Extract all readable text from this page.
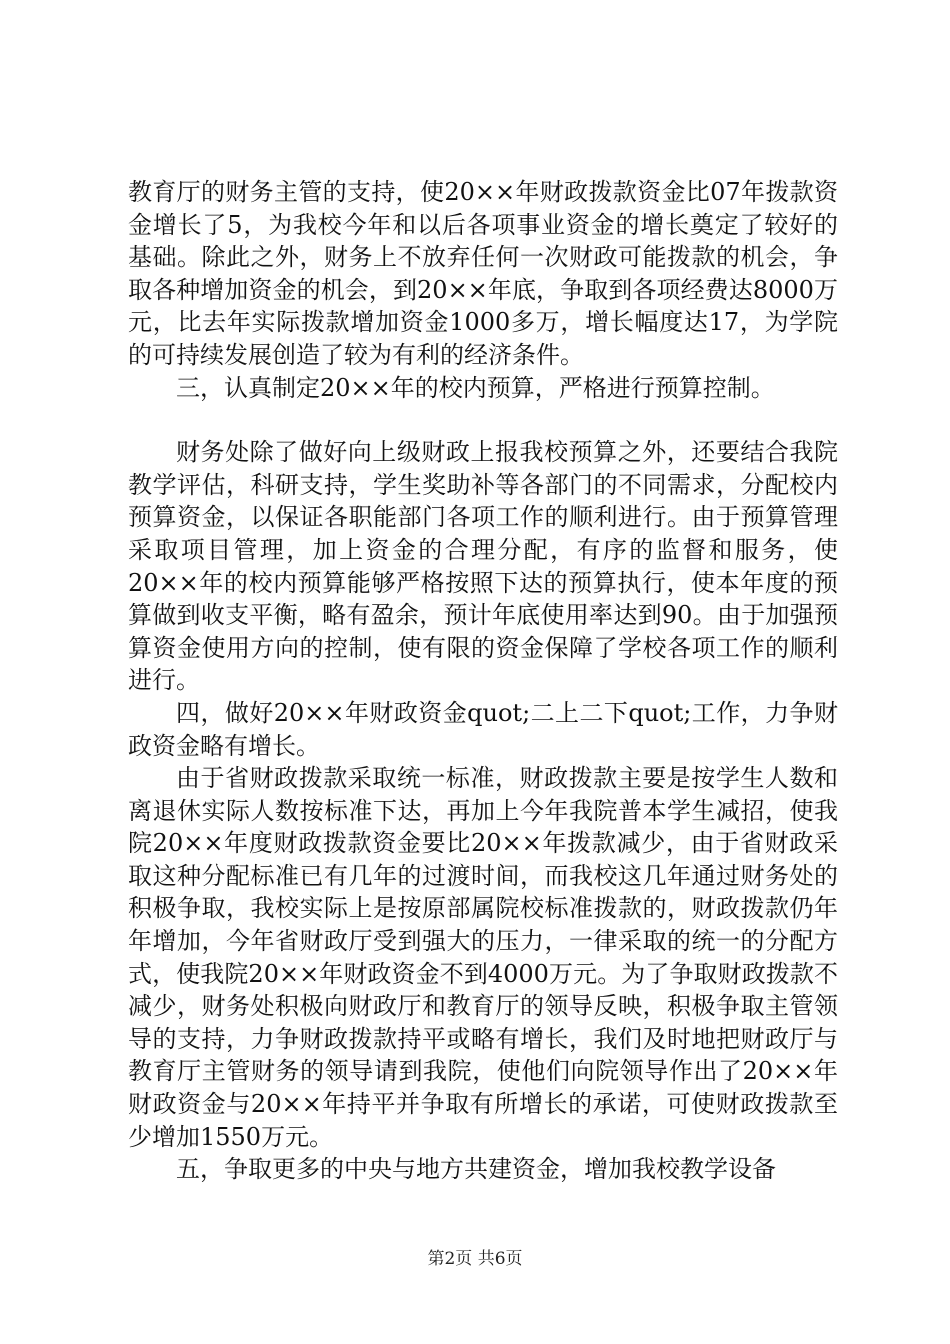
教育厅的财务主管的支持，使20××年财政拨款资金比07年拨款资金增长了5，为我校今年和以后各项事业资金的增长奠定了较好的基础。除此之外，财务上不放弃任何一次财政可能拨款的机会，争取各种增加资金的机会，到20××年底，争取到各项经费达8000万元，比去年实际拨款增加资金1000多万，增长幅度达17，为学院的可持续发展创造了较为有利的经济条件。

三，认真制定20××年的校内预算，严格进行预算控制。

财务处除了做好向上级财政上报我校预算之外，还要结合我院教学评估，科研支持，学生奖助补等各部门的不同需求，分配校内预算资金，以保证各职能部门各项工作的顺利进行。由于预算管理采取项目管理，加上资金的合理分配，有序的监督和服务，使20××年的校内预算能够严格按照下达的预算执行，使本年度的预算做到收支平衡，略有盈余，预计年底使用率达到90。由于加强预算资金使用方向的控制，使有限的资金保障了学校各项工作的顺利进行。

四，做好20××年财政资金quot;二上二下quot;工作，力争财政资金略有增长。

由于省财政拨款采取统一标准，财政拨款主要是按学生人数和离退休实际人数按标准下达，再加上今年我院普本学生减招，使我院20××年度财政拨款资金要比20××年拨款减少，由于省财政采取这种分配标准已有几年的过渡时间，而我校这几年通过财务处的积极争取，我校实际上是按原部属院校标准拨款的，财政拨款仍年年增加，今年省财政厅受到强大的压力，一律采取的统一的分配方式，使我院20××年财政资金不到4000万元。为了争取财政拨款不减少，财务处积极向财政厅和教育厅的领导反映，积极争取主管领导的支持，力争财政拨款持平或略有增长，我们及时地把财政厅与教育厅主管财务的领导请到我院，使他们向院领导作出了20××年财政资金与20××年持平并争取有所增长的承诺，可使财政拨款至少增加1550万元。

五，争取更多的中央与地方共建资金，增加我校教学设备

第2页 共6页
